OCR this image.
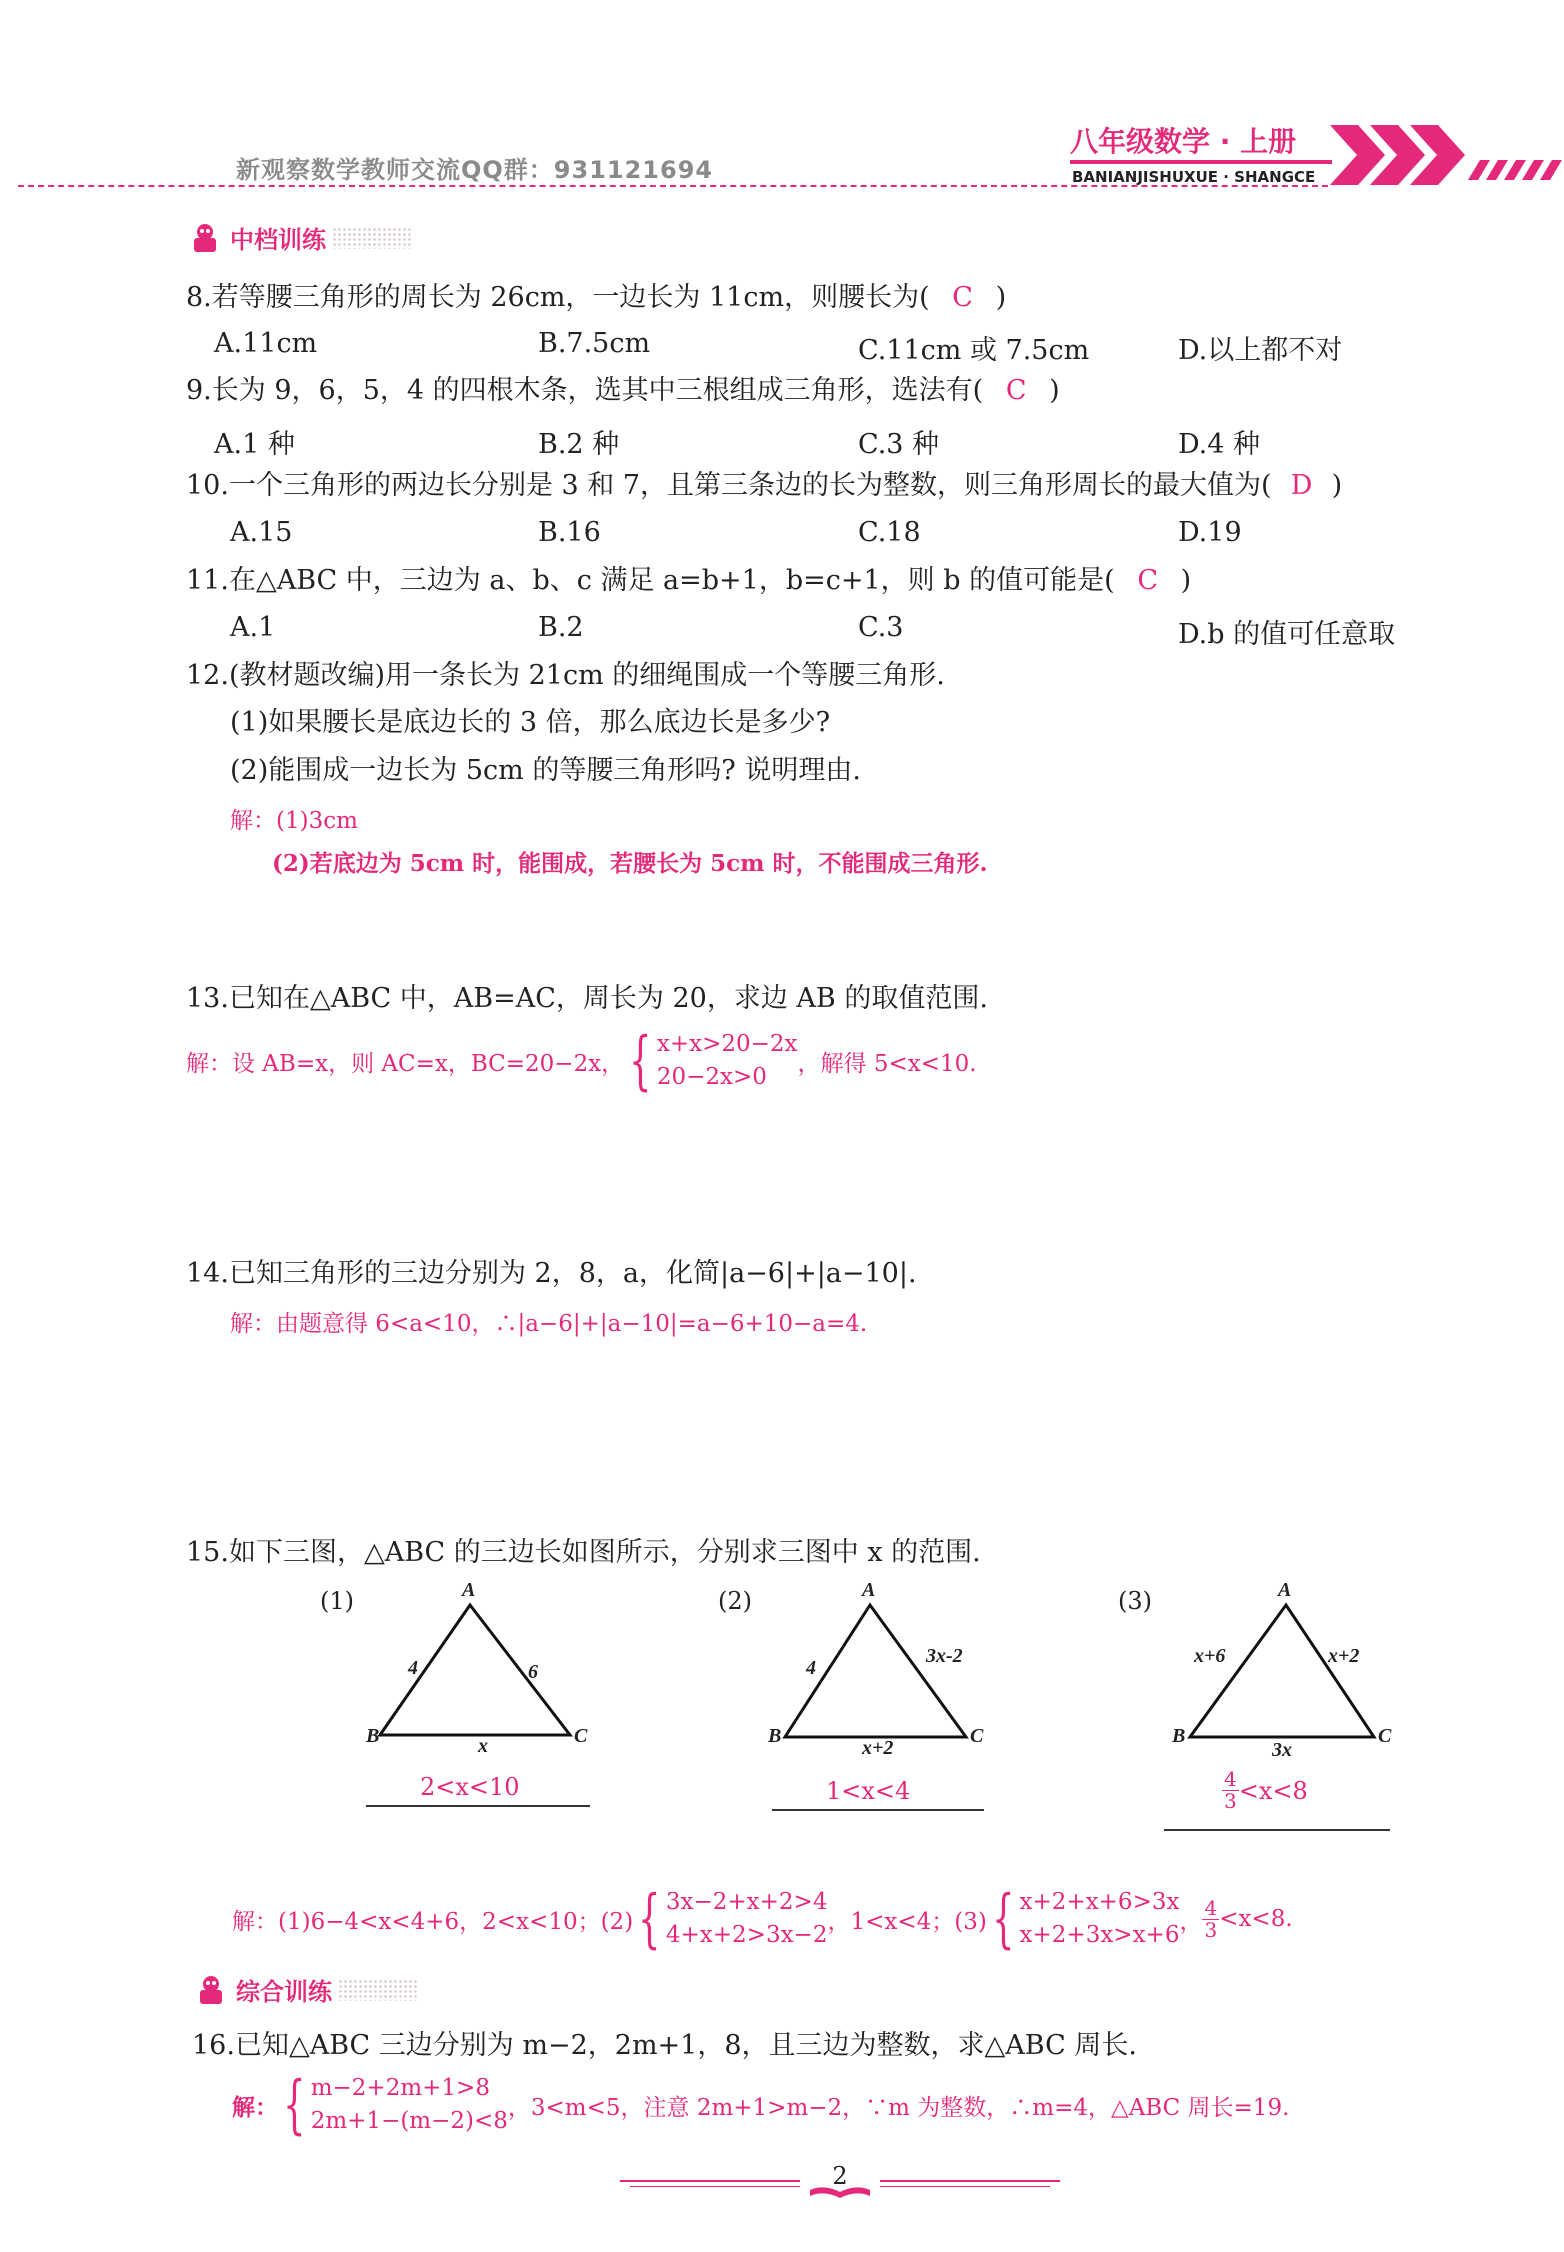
新观察数学教师交流QQ群：931121694
八年级数学 · 上册
BANIANJISHUXUE · SHANGCE
中档训练
8.若等腰三角形的周长为 26cm，一边长为 11cm，则腰长为( C )
A.11cm	B.7.5cm	C.11cm 或 7.5cm	D.以上都不对
9.长为 9，6，5，4 的四根木条，选其中三根组成三角形，选法有( C )
A.1 种	B.2 种	C.3 种	D.4 种
10.一个三角形的两边长分别是 3 和 7，且第三条边的长为整数，则三角形周长的最大值为( D )
A.15	B.16	C.18	D.19
11.在△ABC 中，三边为 a、b、c 满足 a=b+1，b=c+1，则 b 的值可能是( C )
A.1	B.2	C.3	D.b 的值可任意取
12.(教材题改编)用一条长为 21cm 的细绳围成一个等腰三角形.
(1)如果腰长是底边长的 3 倍，那么底边长是多少?
(2)能围成一边长为 5cm 的等腰三角形吗? 说明理由.
解：(1)3cm
(2)若底边为 5cm 时，能围成，若腰长为 5cm 时，不能围成三角形.
13.已知在△ABC 中，AB=AC，周长为 20，求边 AB 的取值范围.
解：设 AB=x，则 AC=x，BC=20−2x， { x+x>20−2x
20−2x>0
，解得 5<x<10.
14.已知三角形的三边分别为 2，8，a，化简|a−6|+|a−10|.
解：由题意得 6<a<10，∴|a−6|+|a−10|=a−6+10−a=4.
15.如下三图，△ABC 的三边长如图所示，分别求三图中 x 的范围.
(1)	A
B	C
4	6
x
2<x<10
(2)	A
B	C
4
3x-2
x+2
1<x<4
(3)	A
B	C
x+6	x+2
3x
$\frac{4}{3} <x<8$
解：(1)6−4<x<4+6，2<x<10；(2) { 3x−2+x+2>4
4+x+2>3x−2
，1<x<4；(3) { x+2+x+6>3x
x+2+3x>x+6
， $\frac{4}{3} <x<8$.
综合训练
16.已知△ABC 三边分别为 m−2，2m+1，8，且三边为整数，求△ABC 周长.
解： { m−2+2m+1>8
2m+1−(m−2)<8
，3<m<5，注意 2m+1>m−2，∵m 为整数，∴m=4，△ABC 周长=19.
2
